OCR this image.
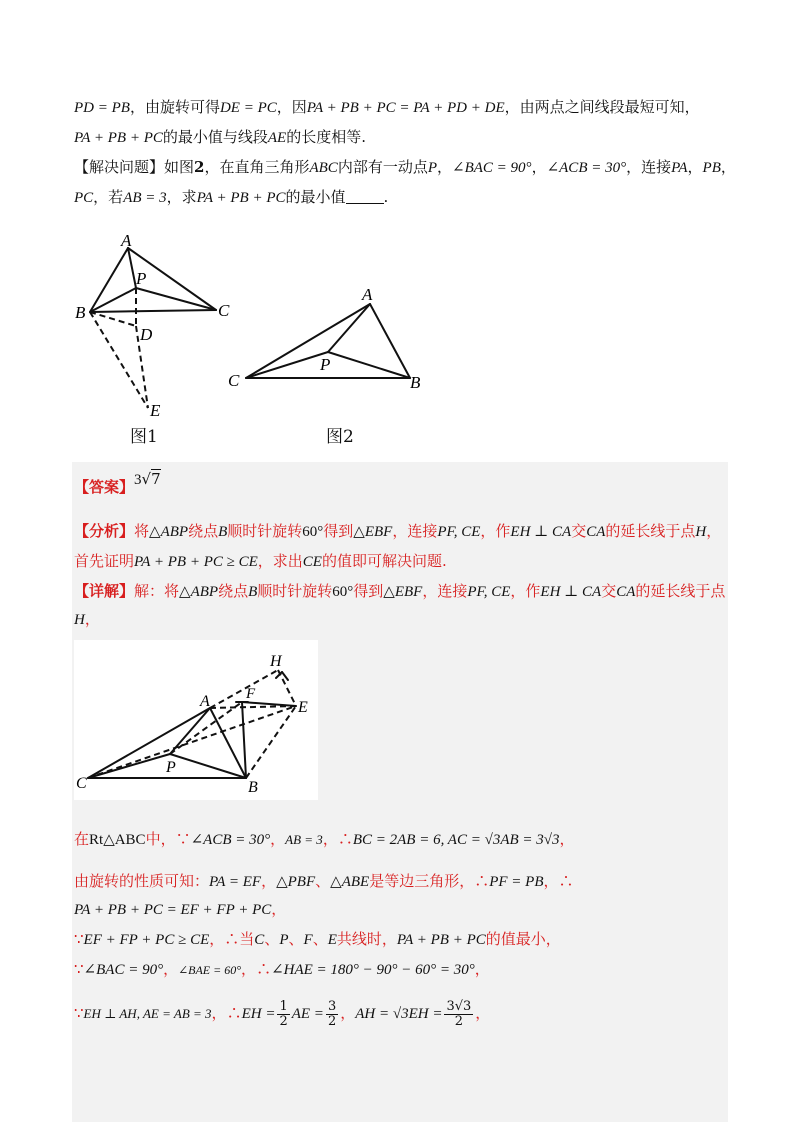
PD = PB，由旋转可得DE = PC，因PA + PB + PC = PA + PD + DE，由两点之间线段最短可知，
PA + PB + PC的最小值与线段AE的长度相等.
【解决问题】如图2，在直角三角形ABC内部有一动点P，∠BAC = 90°，∠ACB = 30°，连接PA，PB，
PC，若AB = 3，求PA + PB + PC的最小值	.
A
B	C
P
D
E
图1
A
C	B
P
图2
【答案】3√7
【分析】将△ABP绕点B顺时针旋转60°得到△EBF，连接PF, CE，作EH ⊥ CA交CA的延长线于点H，
首先证明PA + PB + PC ≥ CE，求出CE的值即可解决问题.
【详解】解：将△ABP绕点B顺时针旋转60°得到△EBF，连接PF, CE，作EH ⊥ CA交CA的延长线于点
H，
A
C	B
P
E
F
H
在Rt△ABC中，∵∠ACB = 30°，AB = 3，∴BC = 2AB = 6, AC = √3AB = 3√3，
由旋转的性质可知：PA = EF，△PBF、△ABE是等边三角形，∴PF = PB，∴
PA + PB + PC = EF + FP + PC，
∵EF + FP + PC ≥ CE，∴当C、P、F、E共线时，PA + PB + PC的值最小，
∵∠BAC = 90°，∠BAE = 60°，∴∠HAE = 180° − 90° − 60° = 30°，
∵EH ⊥ AH, AE = AB = 3，∴EH = $\frac{1}{2}$ AE = $\frac{3}{2}$ ，AH = $√3EH = \frac{3√3}{2}$ ，
